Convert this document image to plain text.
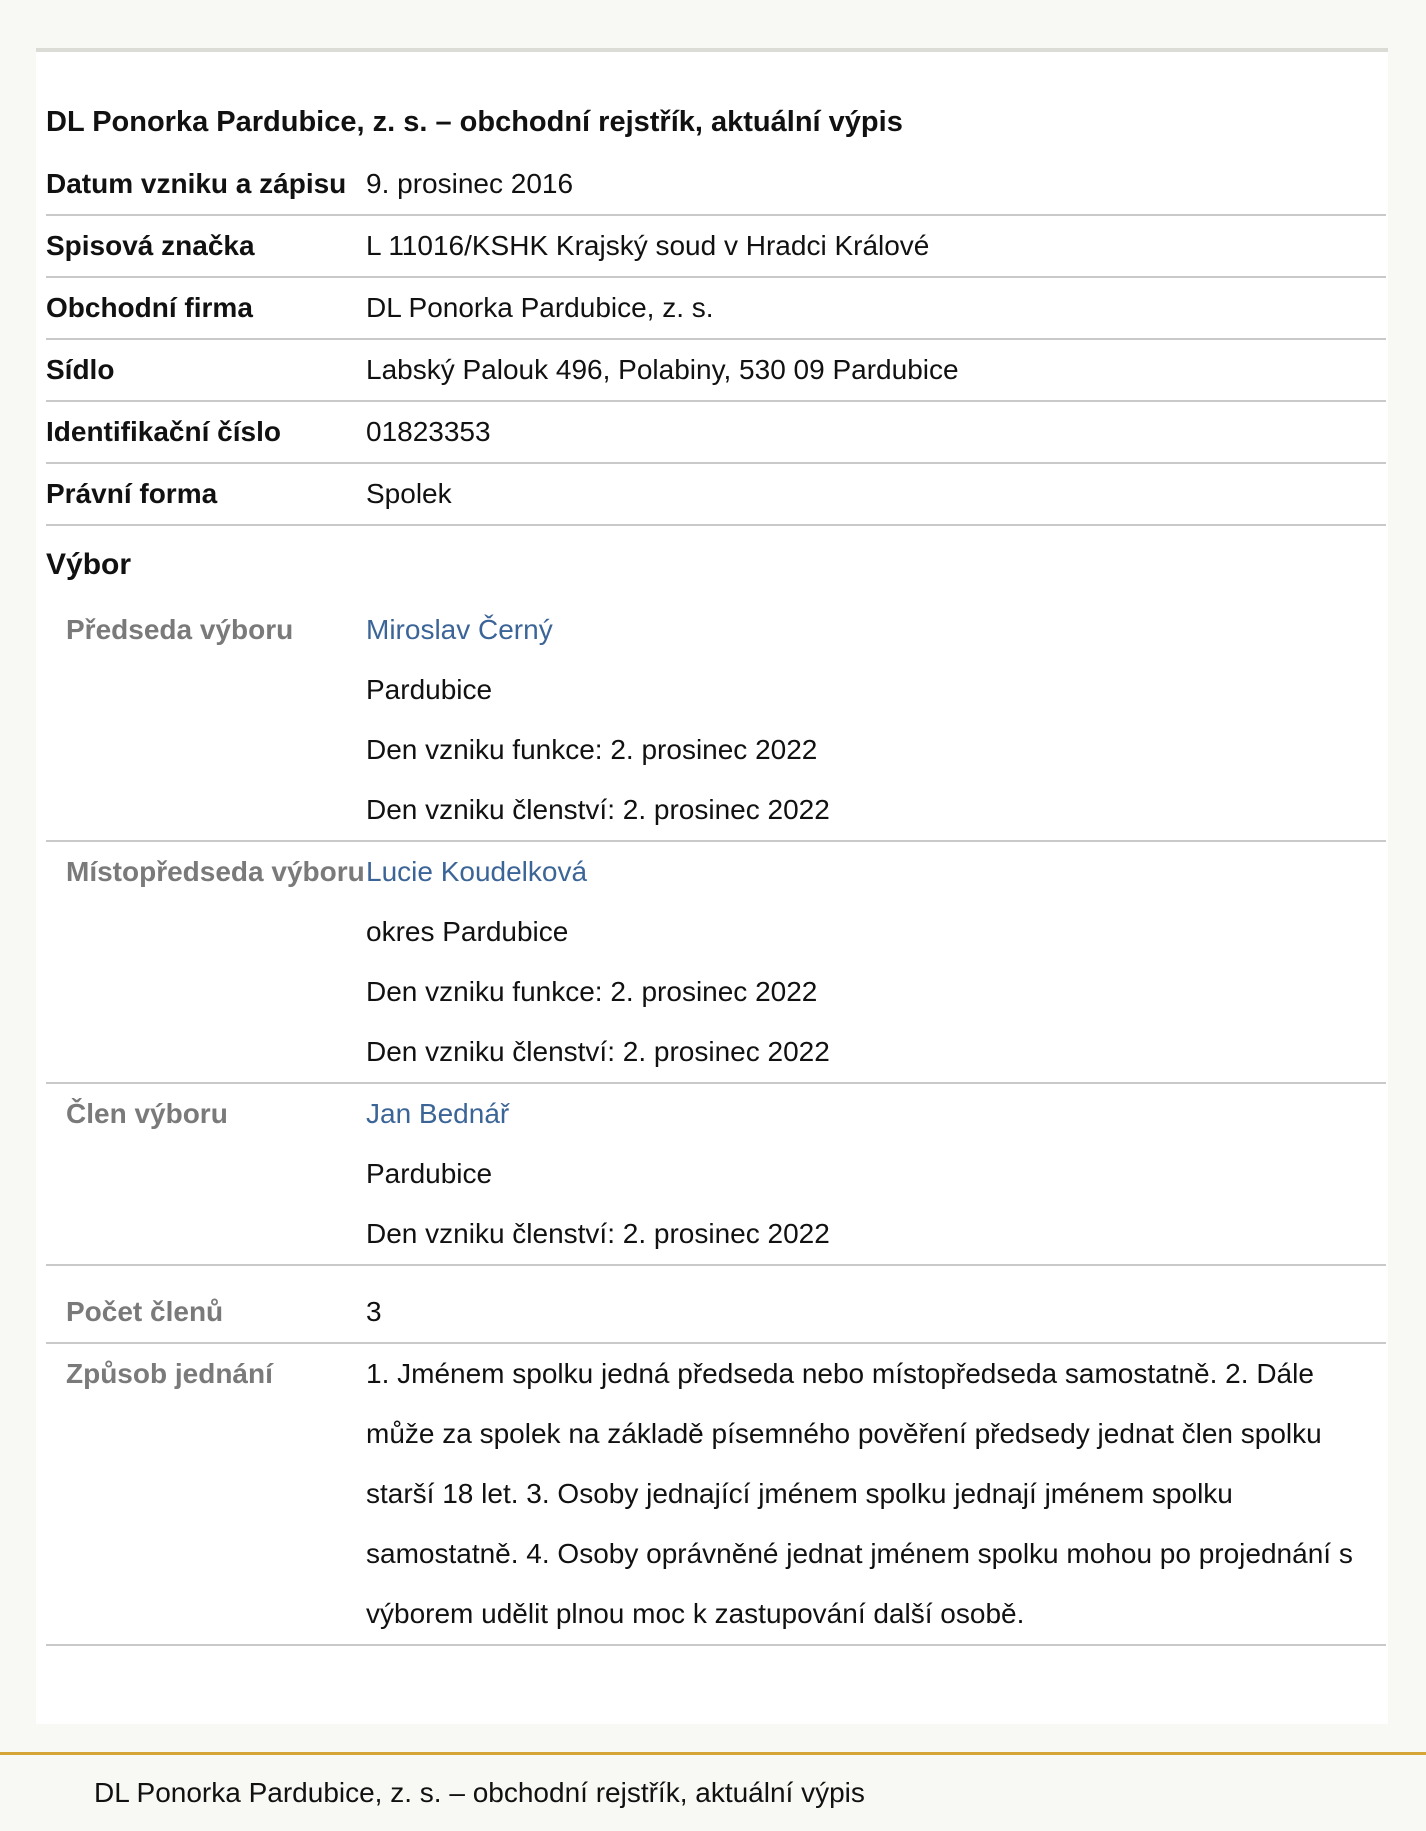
DL Ponorka Pardubice, z. s. – obchodní rejstřík, aktuální výpis
Datum vzniku a zápisu 9. prosinec 2016
Spisová značka	L 11016/KSHK Krajský soud v Hradci Králové
Obchodní firma	DL Ponorka Pardubice, z. s.
Sídlo	Labský Palouk 496, Polabiny, 530 09 Pardubice
Identifikační číslo	01823353
Právní forma	Spolek
Výbor
Předseda výboru	Miroslav Černý
Pardubice
Den vzniku funkce: 2. prosinec 2022
Den vzniku členství: 2. prosinec 2022
Místopředseda výboru Lucie Koudelková
okres Pardubice
Den vzniku funkce: 2. prosinec 2022
Den vzniku členství: 2. prosinec 2022
Člen výboru	Jan Bednář
Pardubice
Den vzniku členství: 2. prosinec 2022
Počet členů	3
Způsob jednání	1. Jménem spolku jedná předseda nebo místopředseda samostatně. 2. Dále může za spolek na základě písemného pověření předsedy jednat člen spolku starší 18 let. 3. Osoby jednající jménem spolku jednají jménem spolku samostatně. 4. Osoby oprávněné jednat jménem spolku mohou po projednání s výborem udělit plnou moc k zastupování další osobě.
DL Ponorka Pardubice, z. s. – obchodní rejstřík, aktuální výpis
